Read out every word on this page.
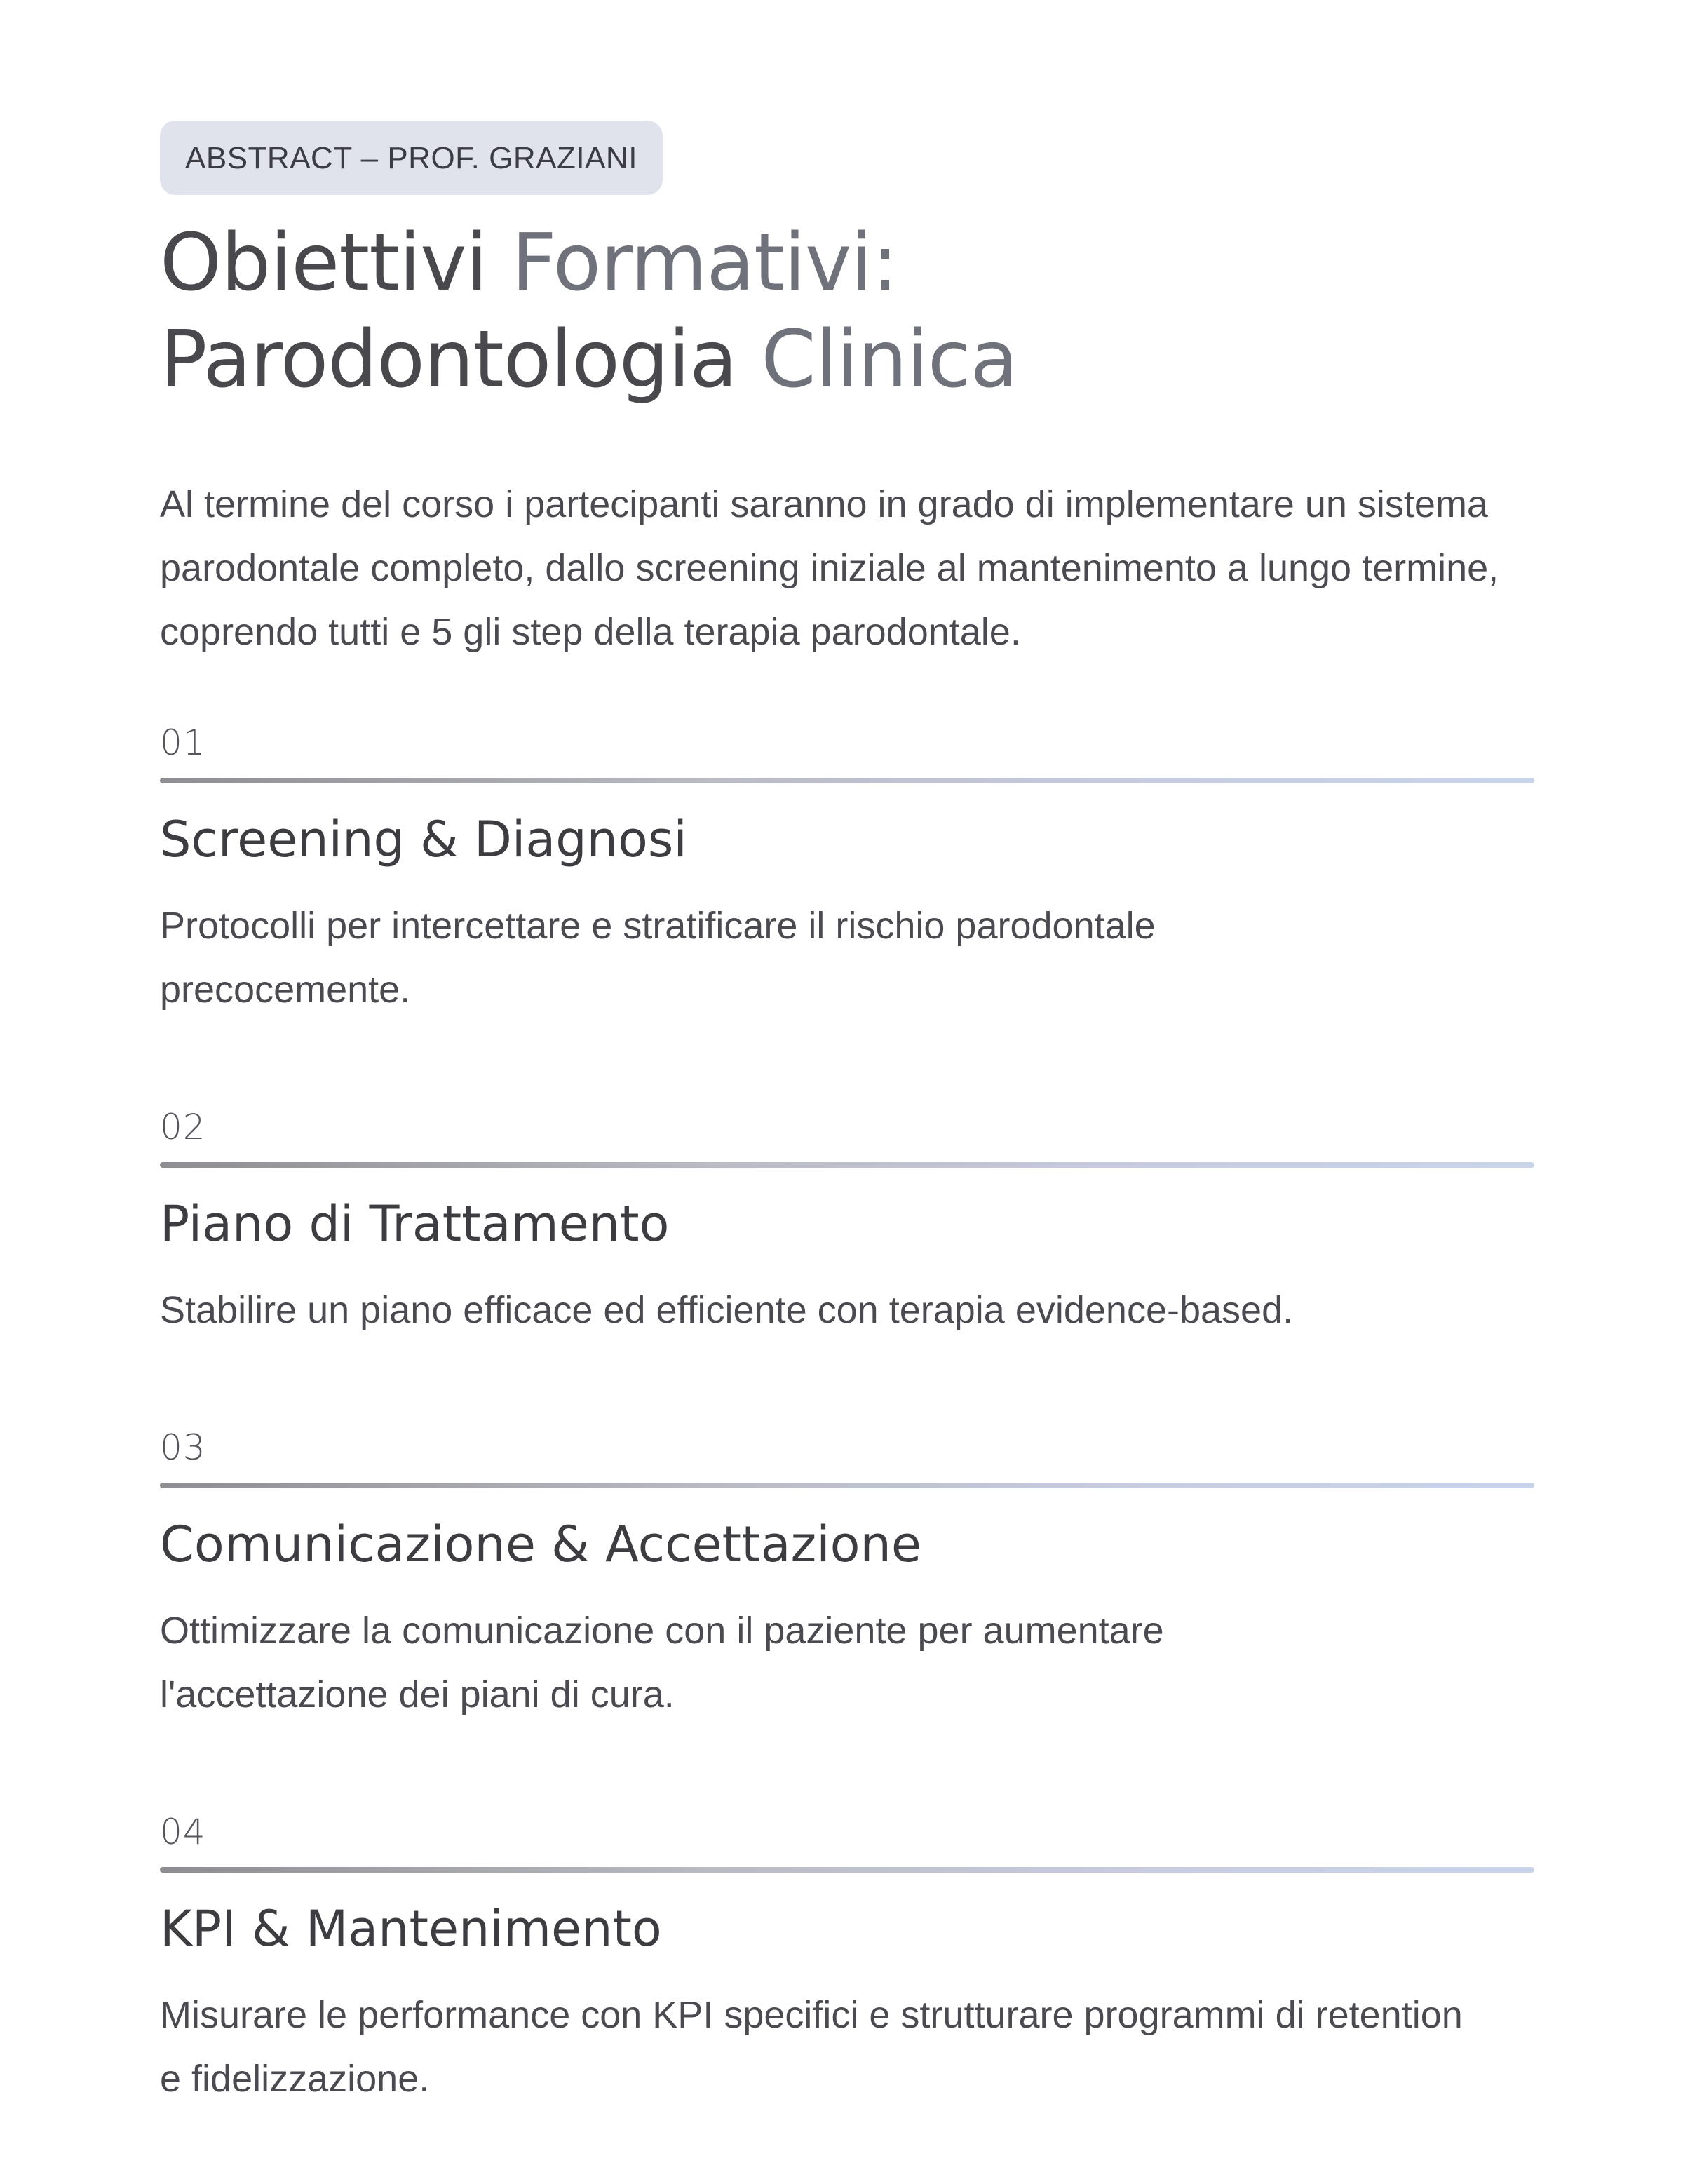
ABSTRACT – PROF. GRAZIANI
Obiettivi Formativi:
Parodontologia Clinica

Al termine del corso i partecipanti saranno in grado di implementare un sistema parodontale completo, dallo screening iniziale al mantenimento a lungo termine, coprendo tutti e 5 gli step della terapia parodontale.

01
Screening & Diagnosi

Protocolli per intercettare e stratificare il rischio parodontale precocemente.

02
Piano di Trattamento

Stabilire un piano efficace ed efficiente con terapia evidence-based.

03
Comunicazione & Accettazione

Ottimizzare la comunicazione con il paziente per aumentare l'accettazione dei piani di cura.

04
KPI & Mantenimento

Misurare le performance con KPI specifici e strutturare programmi di retention e fidelizzazione.
